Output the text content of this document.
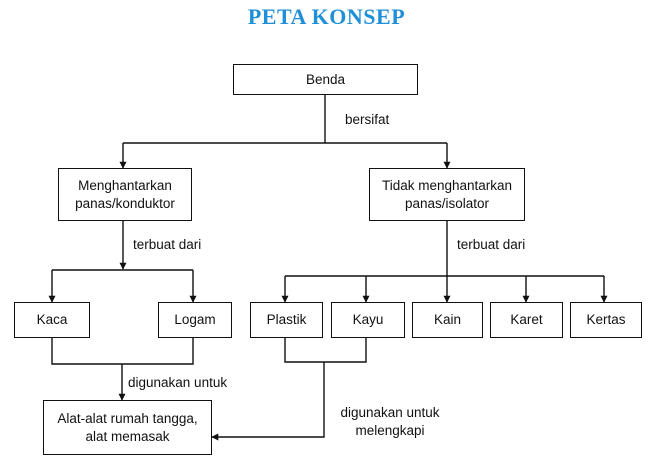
PETA KONSEP
Benda
Menghantarkan
panas/konduktor
Tidak menghantarkan
panas/isolator
Kaca	Logam	Plastik	Kayu	Kain	Karet	Kertas
Alat-alat rumah tangga,
alat memasak
bersifat
terbuat dari	terbuat dari
digunakan untuk
digunakan untuk
melengkapi
